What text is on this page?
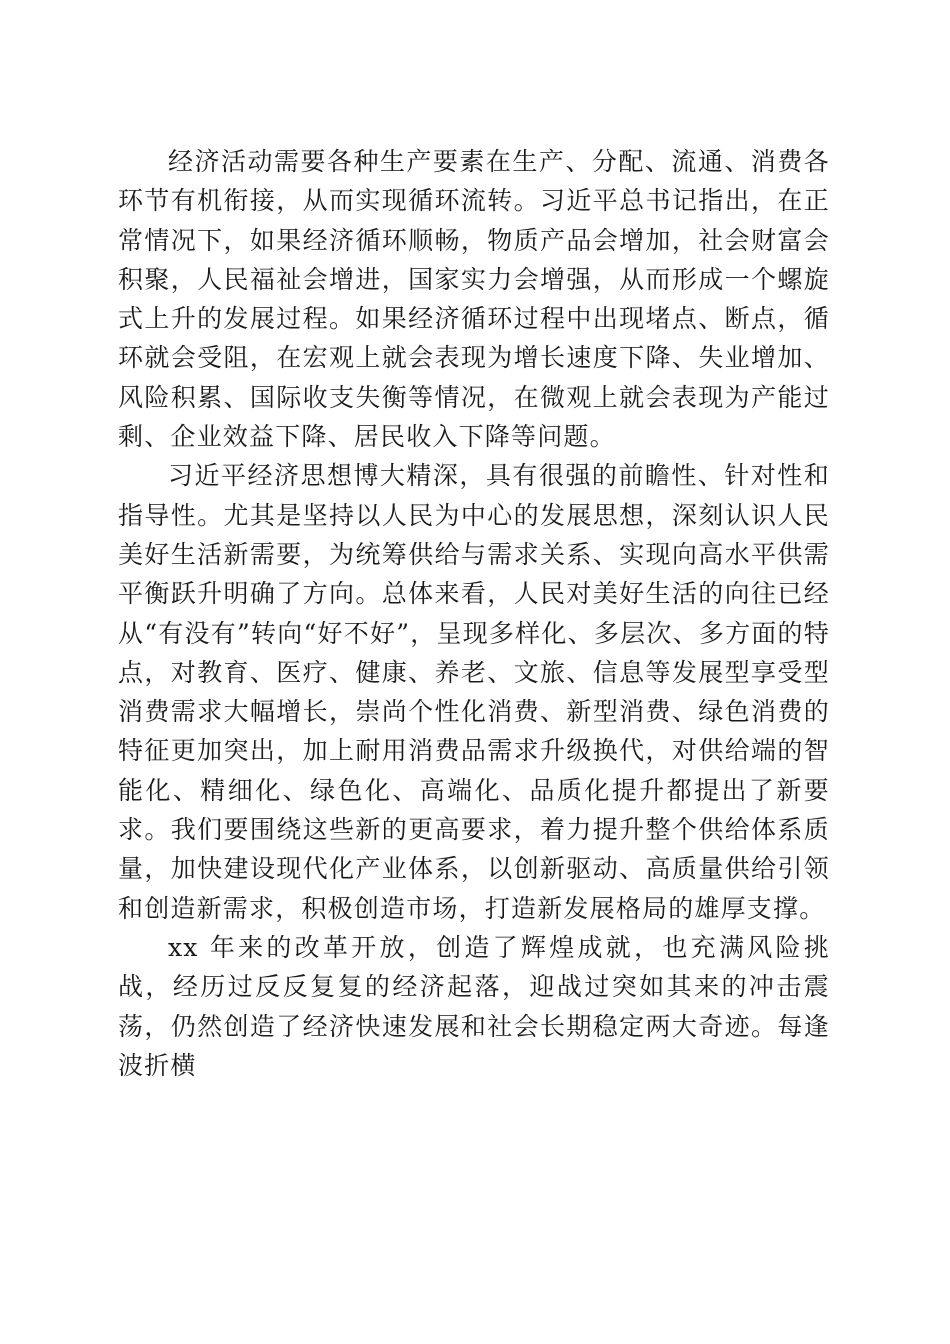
经济活动需要各种生产要素在生产、分配、流通、消费各环节有机衔接，从而实现循环流转。习近平总书记指出，在正常情况下，如果经济循环顺畅，物质产品会增加，社会财富会积聚，人民福祉会增进，国家实力会增强，从而形成一个螺旋式上升的发展过程。如果经济循环过程中出现堵点、断点，循环就会受阻，在宏观上就会表现为增长速度下降、失业增加、风险积累、国际收支失衡等情况，在微观上就会表现为产能过剩、企业效益下降、居民收入下降等问题。

习近平经济思想博大精深，具有很强的前瞻性、针对性和指导性。尤其是坚持以人民为中心的发展思想，深刻认识人民美好生活新需要，为统筹供给与需求关系、实现向高水平供需平衡跃升明确了方向。总体来看，人民对美好生活的向往已经从“有没有”转向“好不好”，呈现多样化、多层次、多方面的特点，对教育、医疗、健康、养老、文旅、信息等发展型享受型消费需求大幅增长，崇尚个性化消费、新型消费、绿色消费的特征更加突出，加上耐用消费品需求升级换代，对供给端的智能化、精细化、绿色化、高端化、品质化提升都提出了新要求。我们要围绕这些新的更高要求，着力提升整个供给体系质量，加快建设现代化产业体系，以创新驱动、高质量供给引领和创造新需求，积极创造市场，打造新发展格局的雄厚支撑。

xx 年来的改革开放，创造了辉煌成就，也充满风险挑战，经历过反反复复的经济起落，迎战过突如其来的冲击震荡，仍然创造了经济快速发展和社会长期稳定两大奇迹。每逢波折横
